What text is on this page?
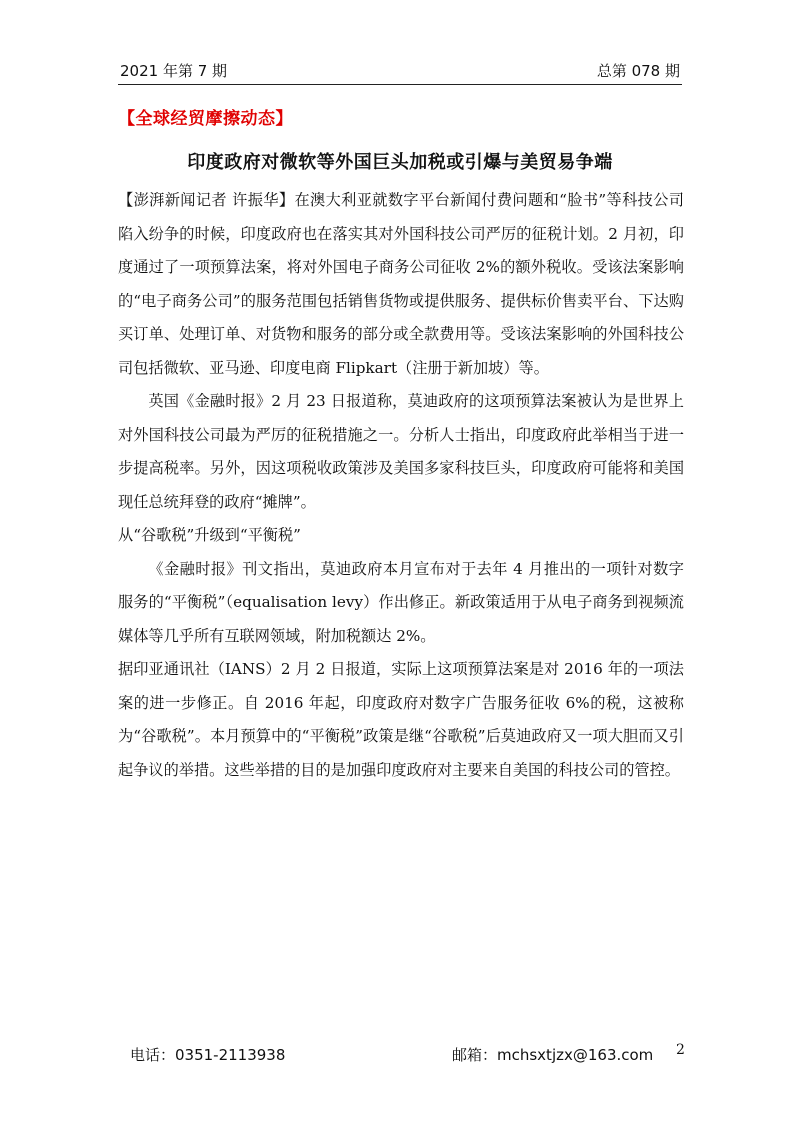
2021 年第 7 期	总第 078 期
【全球经贸摩擦动态】
印度政府对微软等外国巨头加税或引爆与美贸易争端

【澎湃新闻记者 许振华】在澳大利亚就数字平台新闻付费问题和“脸书”等科技公司陷入纷争的时候，印度政府也在落实其对外国科技公司严厉的征税计划。2 月初，印度通过了一项预算法案，将对外国电子商务公司征收 2%的额外税收。受该法案影响的“电子商务公司”的服务范围包括销售货物或提供服务、提供标价售卖平台、下达购买订单、处理订单、对货物和服务的部分或全款费用等。受该法案影响的外国科技公司包括微软、亚马逊、印度电商 Flipkart（注册于新加坡）等。

英国《金融时报》2 月 23 日报道称，莫迪政府的这项预算法案被认为是世界上对外国科技公司最为严厉的征税措施之一。分析人士指出，印度政府此举相当于进一步提高税率。另外，因这项税收政策涉及美国多家科技巨头，印度政府可能将和美国现任总统拜登的政府“摊牌”。

从“谷歌税”升级到“平衡税”

《金融时报》刊文指出，莫迪政府本月宣布对于去年 4 月推出的一项针对数字服务的“平衡税”（equalisation levy）作出修正。新政策适用于从电子商务到视频流媒体等几乎所有互联网领域，附加税额达 2%。

据印亚通讯社（IANS）2 月 2 日报道，实际上这项预算法案是对 2016 年的一项法案的进一步修正。自 2016 年起，印度政府对数字广告服务征收 6%的税，这被称为“谷歌税”。本月预算中的“平衡税”政策是继“谷歌税”后莫迪政府又一项大胆而又引起争议的举措。这些举措的目的是加强印度政府对主要来自美国的科技公司的管控。

电话：0351-2113938	邮箱：mchsxtjzx@163.com 2
